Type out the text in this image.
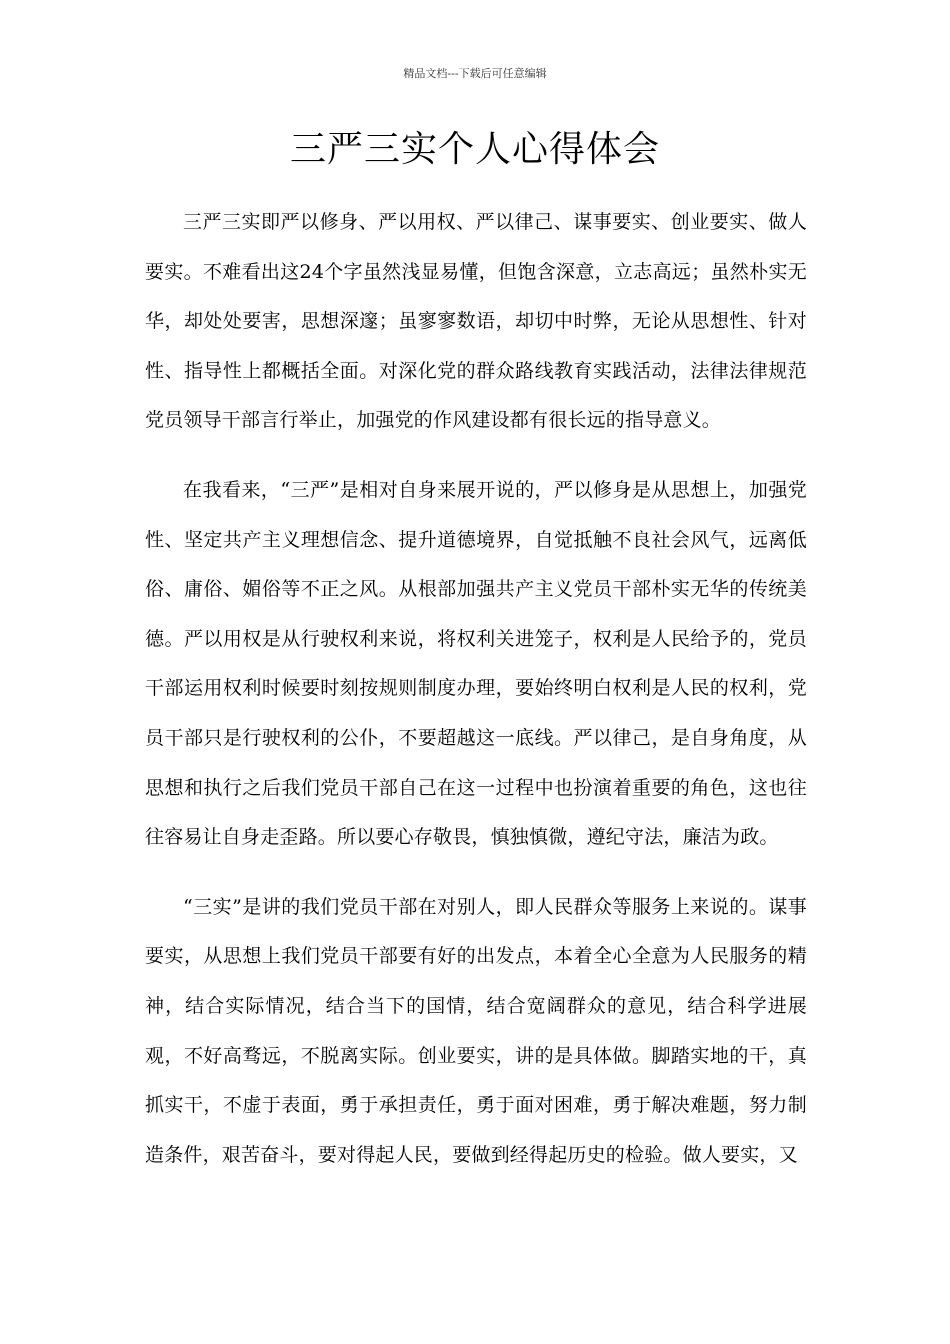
精品文档---下载后可任意编辑
三严三实个人心得体会

三严三实即严以修身、严以用权、严以律己、谋事要实、创业要实、做人要实。不难看出这24个字虽然浅显易懂，但饱含深意，立志高远；虽然朴实无华，却处处要害，思想深邃；虽寥寥数语，却切中时弊，无论从思想性、针对性、指导性上都概括全面。对深化党的群众路线教育实践活动，法律法律规范党员领导干部言行举止，加强党的作风建设都有很长远的指导意义。

在我看来，“三严”是相对自身来展开说的，严以修身是从思想上，加强党性、坚定共产主义理想信念、提升道德境界，自觉抵触不良社会风气，远离低俗、庸俗、媚俗等不正之风。从根部加强共产主义党员干部朴实无华的传统美德。严以用权是从行驶权利来说，将权利关进笼子，权利是人民给予的，党员干部运用权利时候要时刻按规则制度办理，要始终明白权利是人民的权利，党员干部只是行驶权利的公仆，不要超越这一底线。严以律己，是自身角度，从思想和执行之后我们党员干部自己在这一过程中也扮演着重要的角色，这也往往容易让自身走歪路。所以要心存敬畏，慎独慎微，遵纪守法，廉洁为政。

“三实”是讲的我们党员干部在对别人，即人民群众等服务上来说的。谋事要实，从思想上我们党员干部要有好的出发点，本着全心全意为人民服务的精神，结合实际情况，结合当下的国情，结合宽阔群众的意见，结合科学进展观，不好高骛远，不脱离实际。创业要实，讲的是具体做。脚踏实地的干，真抓实干，不虚于表面，勇于承担责任，勇于面对困难，勇于解决难题，努力制造条件，艰苦奋斗，要对得起人民，要做到经得起历史的检验。做人要实，又
